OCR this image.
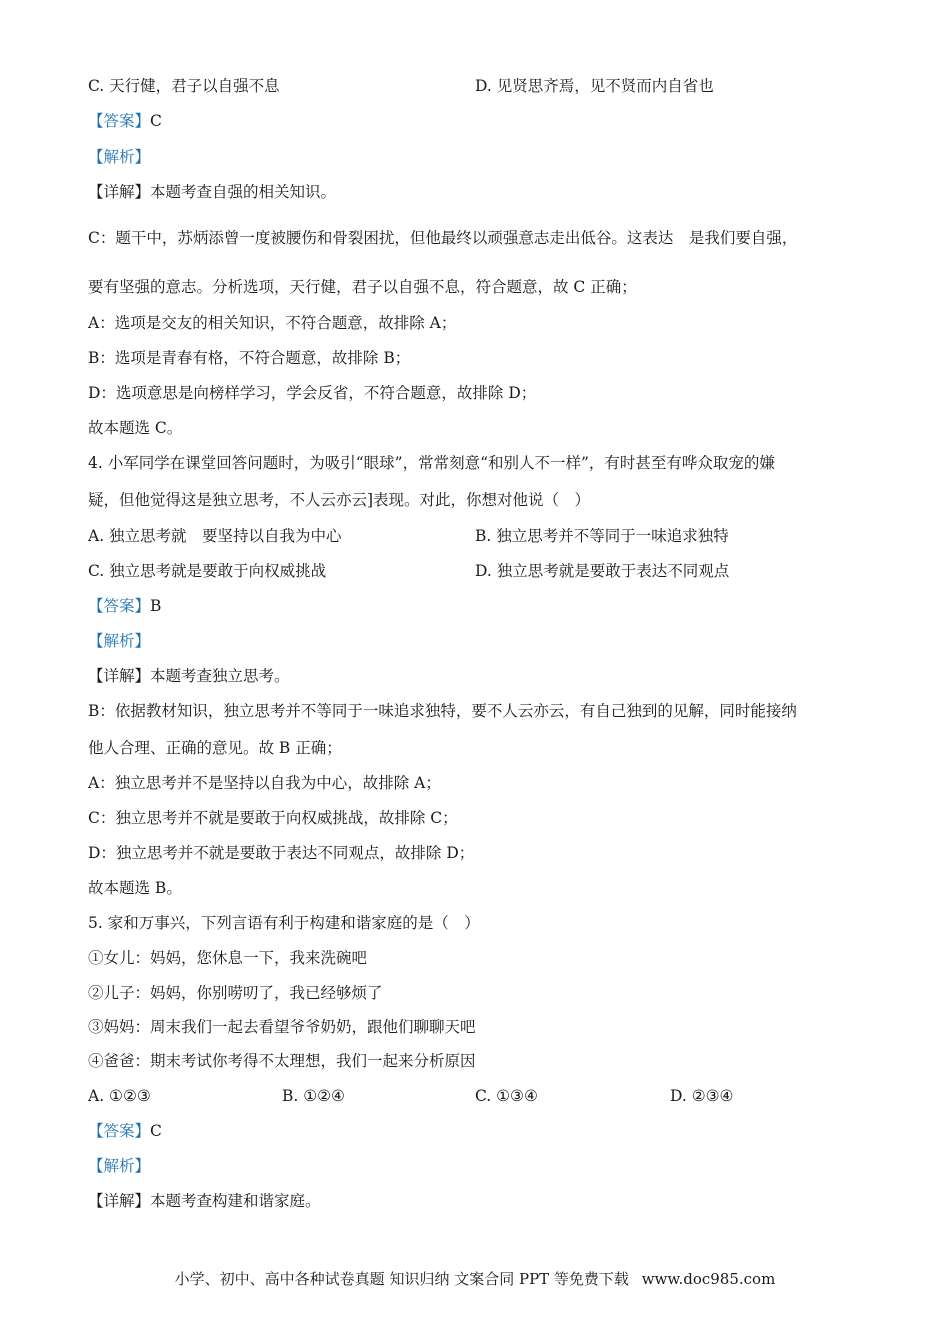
C. 天行健，君子以自强不息	D. 见贤思齐焉，见不贤而内自省也
【答案】C
【解析】
【详解】本题考查自强的相关知识。
C：题干中，苏炳添曾一度被腰伤和骨裂困扰，但他最终以顽强意志走出低谷。这表达　是我们要自强，
要有坚强的意志。分析选项，天行健，君子以自强不息，符合题意，故 C 正确；
A：选项是交友的相关知识，不符合题意，故排除 A；
B：选项是青春有格，不符合题意，故排除 B；
D：选项意思是向榜样学习，学会反省，不符合题意，故排除 D；
故本题选 C。
4. 小军同学在课堂回答问题时，为吸引“眼球”，常常刻意“和别人不一样”，有时甚至有哗众取宠的嫌
疑，但他觉得这是独立思考，不人云亦云]表现。对此，你想对他说（　）
A. 独立思考就　要坚持以自我为中心	B. 独立思考并不等同于一味追求独特
C. 独立思考就是要敢于向权威挑战	D. 独立思考就是要敢于表达不同观点
【答案】B
【解析】
【详解】本题考查独立思考。
B：依据教材知识，独立思考并不等同于一味追求独特，要不人云亦云，有自己独到的见解，同时能接纳
他人合理、正确的意见。故 B 正确；
A：独立思考并不是坚持以自我为中心，故排除 A；
C：独立思考并不就是要敢于向权威挑战，故排除 C；
D：独立思考并不就是要敢于表达不同观点，故排除 D；
故本题选 B。
5. 家和万事兴，下列言语有利于构建和谐家庭的是（　）
①女儿：妈妈，您休息一下，我来洗碗吧
②儿子：妈妈，你别唠叨了，我已经够烦了
③妈妈：周末我们一起去看望爷爷奶奶，跟他们聊聊天吧
④爸爸：期末考试你考得不太理想，我们一起来分析原因
A. ①②③	B. ①②④	C. ①③④	D. ②③④
【答案】C
【解析】
【详解】本题考查构建和谐家庭。
小学、初中、高中各种试卷真题 知识归纳 文案合同 PPT 等免费下载 www.doc985.com
